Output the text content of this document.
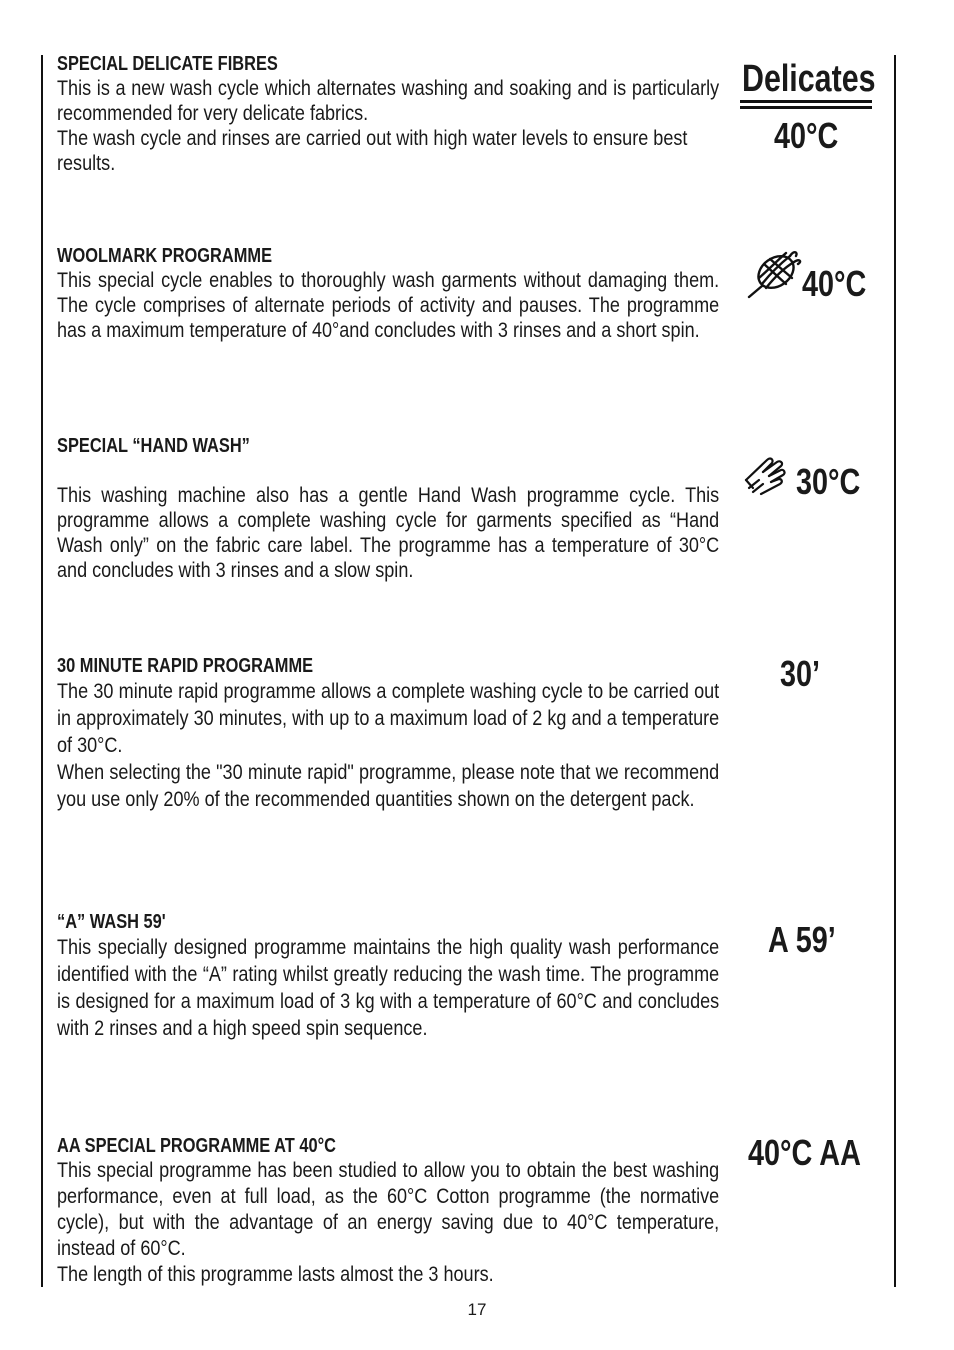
SPECIAL DELICATE FIBRES

This is a new wash cycle which alternates washing and soaking and is particularly recommended for very delicate fabrics.

The wash cycle and rinses are carried out with high water levels to ensure best results.

WOOLMARK PROGRAMME

This special cycle enables to thoroughly wash garments without damaging them. The cycle comprises of alternate periods of activity and pauses. The programme has a maximum temperature of 40°and concludes with 3 rinses and a short spin.

SPECIAL “HAND WASH”

This washing machine also has a gentle Hand Wash programme cycle. This programme allows a complete washing cycle for garments specified as “Hand Wash only” on the fabric care label. The programme has a temperature of 30°C and concludes with 3 rinses and a slow spin.

30 MINUTE RAPID PROGRAMME

The 30 minute rapid programme allows a complete washing cycle to be carried out in approximately 30 minutes, with up to a maximum load of 2 kg and a temperature of 30°C.

When selecting the "30 minute rapid" programme, please note that we recommend you use only 20% of the recommended quantities shown on the detergent pack.

“A” WASH 59'

This specially designed programme maintains the high quality wash performance identified with the “A” rating whilst greatly reducing the wash time. The programme is designed for a maximum load of 3 kg with a temperature of 60°C and concludes with 2 rinses and a high speed spin sequence.

AA SPECIAL PROGRAMME AT 40°C

This special programme has been studied to allow you to obtain the best washing performance, even at full load, as the 60°C Cotton programme (the normative cycle), but with the advantage of an energy saving due to 40°C temperature, instead of 60°C.

The length of this programme lasts almost the 3 hours.

Delicates
40°C
40°C
30°C
30’
A 59’
40°C AA
17
